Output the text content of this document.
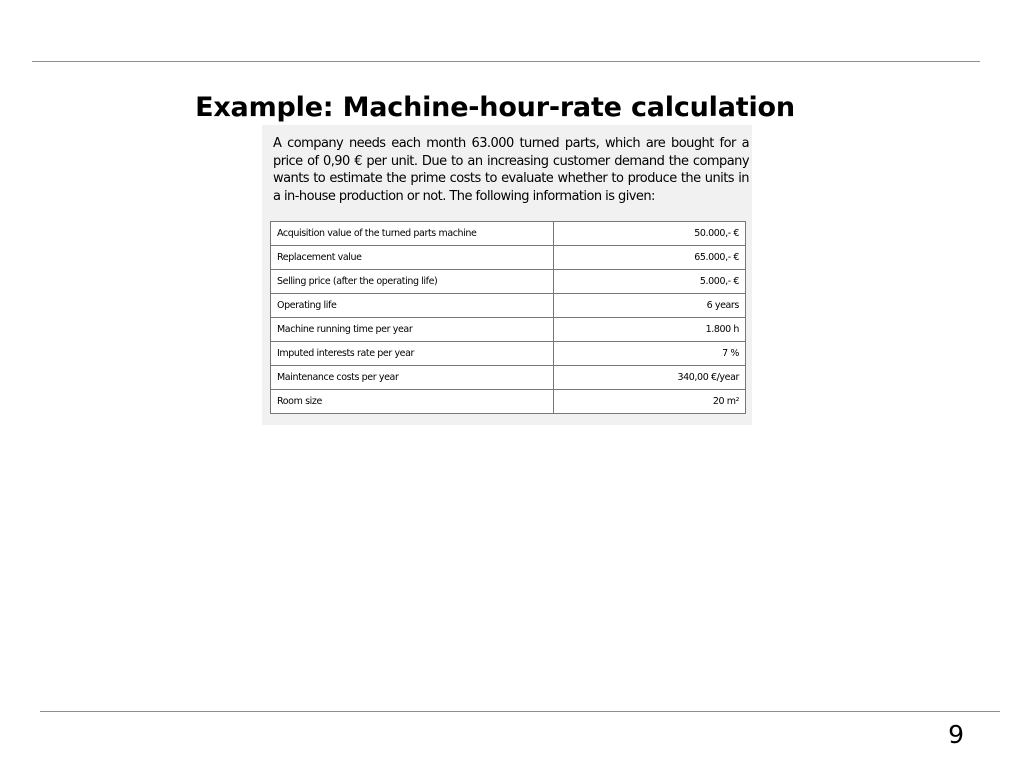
Example: Machine-hour-rate calculation

A company needs each month 63.000 turned parts, which are bought for a price of 0,90 € per unit. Due to an increasing customer demand the company wants to estimate the prime costs to evaluate whether to produce the units in a in-house production or not. The following information is given:

Acquisition value of the turned parts machine	50.000,- €
Replacement value	65.000,- €
Selling price (after the operating life)	5.000,- €
Operating life	6 years
Machine running time per year	1.800 h
Imputed interests rate per year	7 %
Maintenance costs per year	340,00 €/year
Room size	20 m²
9
